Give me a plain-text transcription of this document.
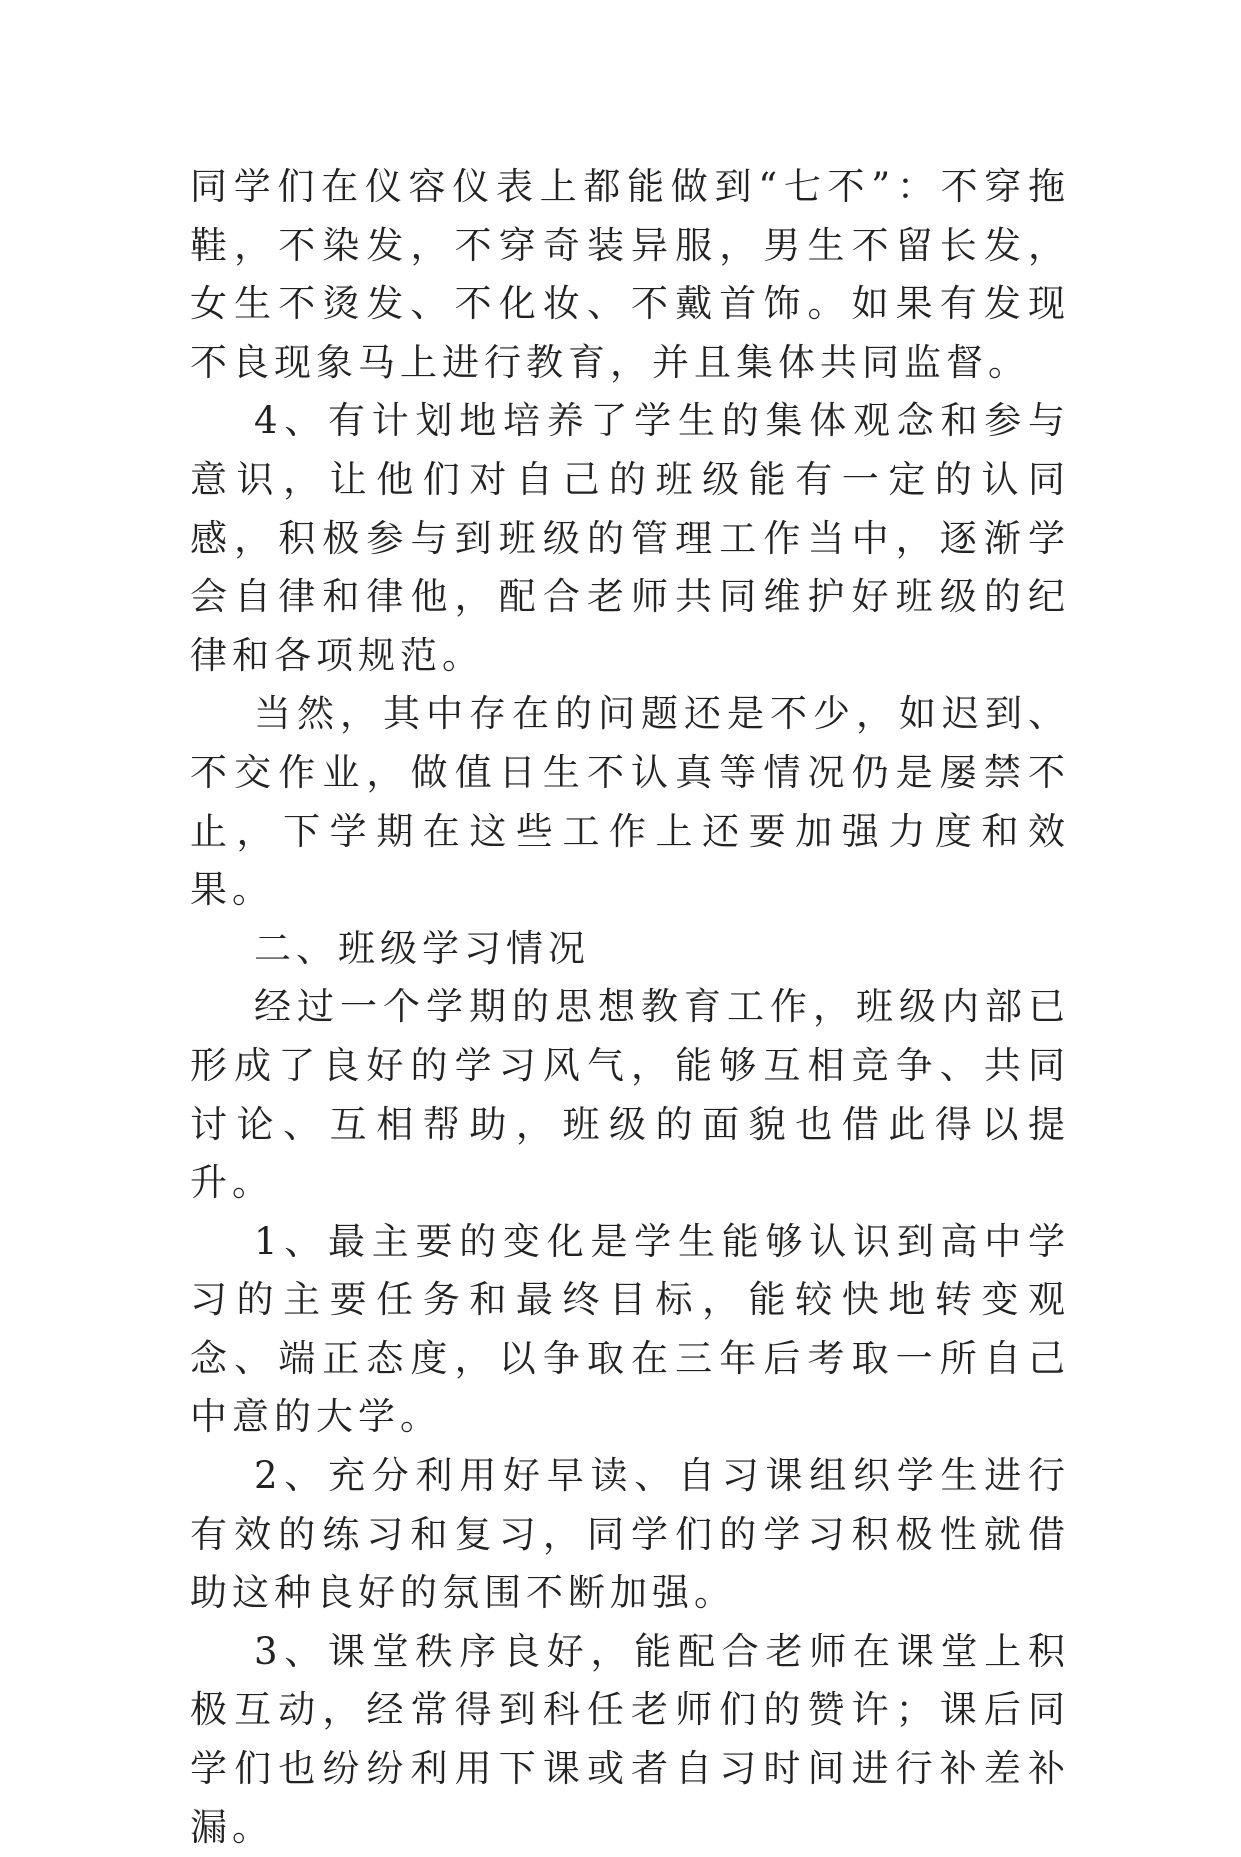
同学们在仪容仪表上都能做到“七不”：不穿拖鞋，不染发，不穿奇装异服，男生不留长发，女生不烫发、不化妆、不戴首饰。如果有发现不良现象马上进行教育，并且集体共同监督。

4、有计划地培养了学生的集体观念和参与意识，让他们对自己的班级能有一定的认同感，积极参与到班级的管理工作当中，逐渐学会自律和律他，配合老师共同维护好班级的纪律和各项规范。

当然，其中存在的问题还是不少，如迟到、不交作业，做值日生不认真等情况仍是屡禁不止，下学期在这些工作上还要加强力度和效果。

二、班级学习情况

经过一个学期的思想教育工作，班级内部已形成了良好的学习风气，能够互相竞争、共同讨论、互相帮助，班级的面貌也借此得以提升。

1、最主要的变化是学生能够认识到高中学习的主要任务和最终目标，能较快地转变观念、端正态度，以争取在三年后考取一所自己中意的大学。

2、充分利用好早读、自习课组织学生进行有效的练习和复习，同学们的学习积极性就借助这种良好的氛围不断加强。

3、课堂秩序良好，能配合老师在课堂上积极互动，经常得到科任老师们的赞许；课后同学们也纷纷利用下课或者自习时间进行补差补漏。
